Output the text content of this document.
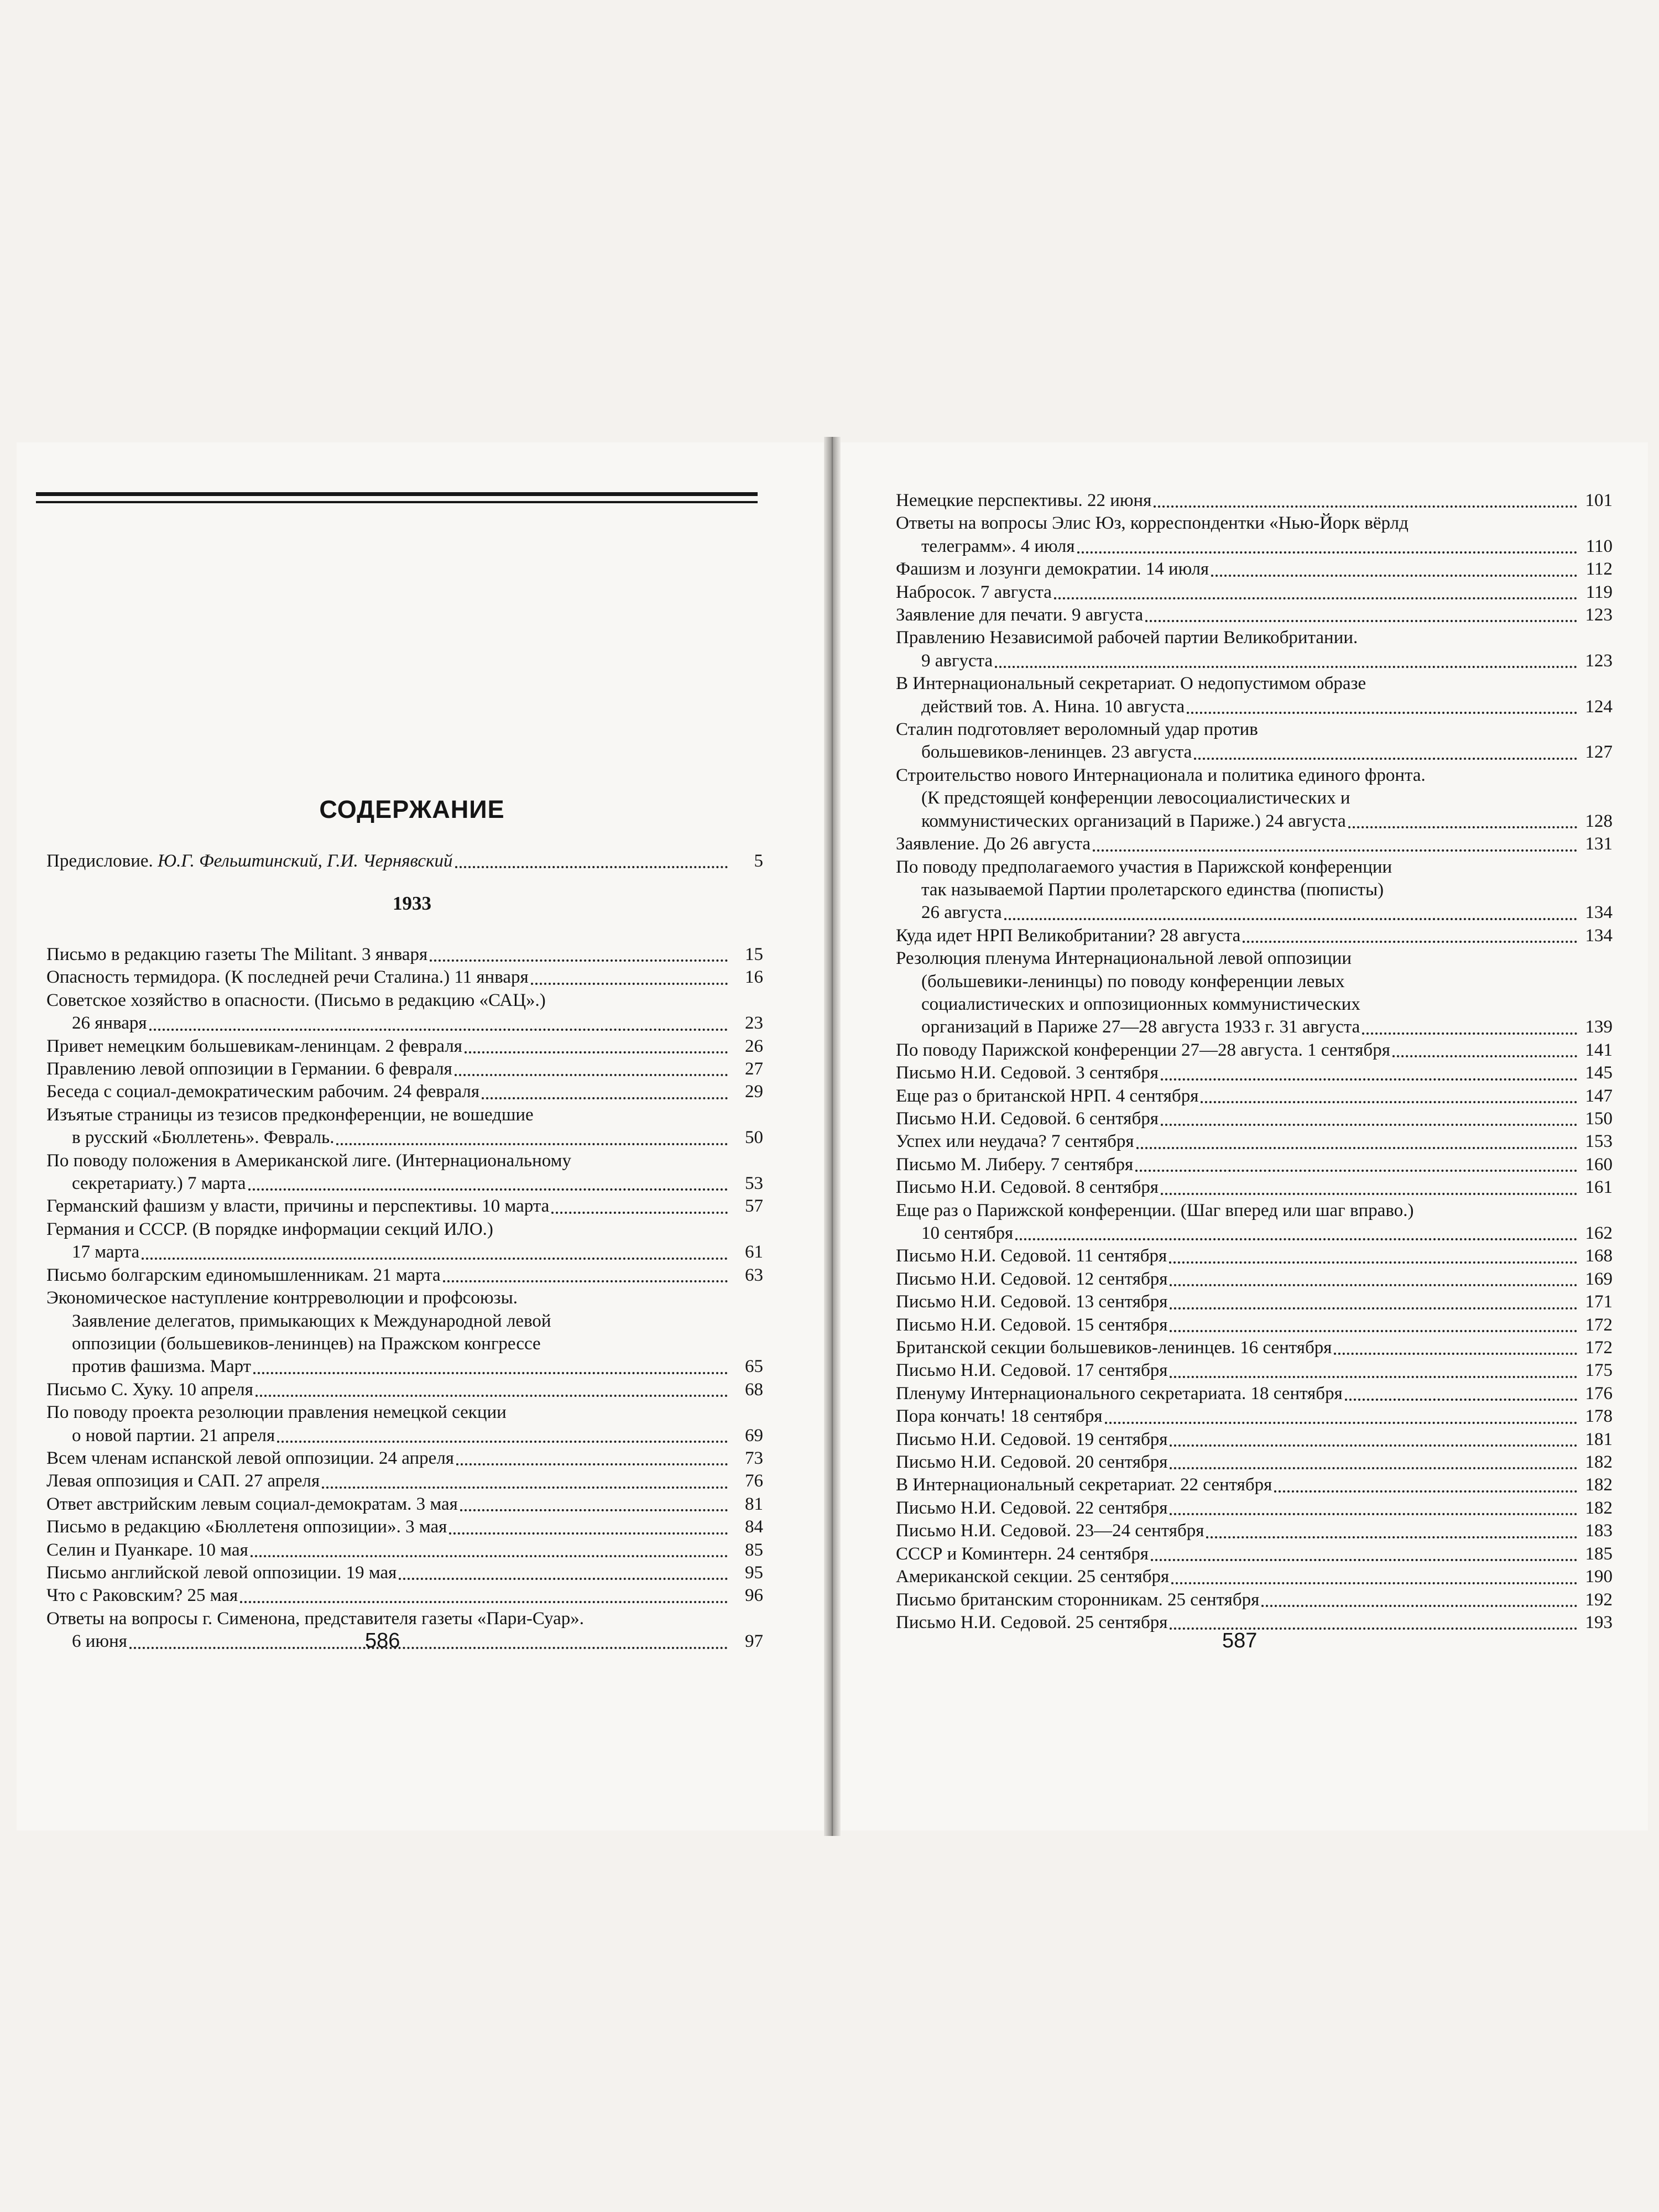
СОДЕРЖАНИЕ
Предисловие. Ю.Г. Фельштинский, Г.И. Чернявский	5
1933
Письмо в редакцию газеты The Militant. 3 января	15
Опасность термидора. (К последней речи Сталина.) 11 января	16
Советское хозяйство в опасности. (Письмо в редакцию «САЦ».)
26 января	23
Привет немецким большевикам-ленинцам. 2 февраля	26
Правлению левой оппозиции в Германии. 6 февраля	27
Беседа с социал-демократическим рабочим. 24 февраля	29
Изъятые страницы из тезисов предконференции, не вошедшие
в русский «Бюллетень». Февраль.	50
По поводу положения в Американской лиге. (Интернациональному
секретариату.) 7 марта	53
Германский фашизм у власти, причины и перспективы. 10 марта	57
Германия и СССР. (В порядке информации секций ИЛО.)
17 марта	61
Письмо болгарским единомышленникам. 21 марта	63
Экономическое наступление контрреволюции и профсоюзы.
Заявление делегатов, примыкающих к Международной левой
оппозиции (большевиков-ленинцев) на Пражском конгрессе
против фашизма. Март	65
Письмо С. Хуку. 10 апреля	68
По поводу проекта резолюции правления немецкой секции
о новой партии. 21 апреля	69
Всем членам испанской левой оппозиции. 24 апреля	73
Левая оппозиция и САП. 27 апреля	76
Ответ австрийским левым социал-демократам. 3 мая	81
Письмо в редакцию «Бюллетеня оппозиции». 3 мая	84
Селин и Пуанкаре. 10 мая	85
Письмо английской левой оппозиции. 19 мая	95
Что с Раковским? 25 мая	96
Ответы на вопросы г. Сименона, представителя газеты «Пари-Суар».
6 июня	97
Немецкие перспективы. 22 июня	101
Ответы на вопросы Элис Юз, корреспондентки «Нью-Йорк вёрлд
телеграмм». 4 июля	110
Фашизм и лозунги демократии. 14 июля	112
Набросок. 7 августа	119
Заявление для печати. 9 августа	123
Правлению Независимой рабочей партии Великобритании.
9 августа	123
В Интернациональный секретариат. О недопустимом образе
действий тов. А. Нина. 10 августа	124
Сталин подготовляет вероломный удар против
большевиков-ленинцев. 23 августа	127
Строительство нового Интернационала и политика единого фронта.
(К предстоящей конференции левосоциалистических и
коммунистических организаций в Париже.) 24 августа	128
Заявление. До 26 августа	131
По поводу предполагаемого участия в Парижской конференции
так называемой Партии пролетарского единства (пюписты)
26 августа	134
Куда идет НРП Великобритании? 28 августа	134
Резолюция пленума Интернациональной левой оппозиции
(большевики-ленинцы) по поводу конференции левых
социалистических и оппозиционных коммунистических
организаций в Париже 27—28 августа 1933 г. 31 августа	139
По поводу Парижской конференции 27—28 августа. 1 сентября	141
Письмо Н.И. Седовой. 3 сентября	145
Еще раз о британской НРП. 4 сентября	147
Письмо Н.И. Седовой. 6 сентября	150
Успех или неудача? 7 сентября	153
Письмо М. Либеру. 7 сентября	160
Письмо Н.И. Седовой. 8 сентября	161
Еще раз о Парижской конференции. (Шаг вперед или шаг вправо.)
10 сентября	162
Письмо Н.И. Седовой. 11 сентября	168
Письмо Н.И. Седовой. 12 сентября	169
Письмо Н.И. Седовой. 13 сентября	171
Письмо Н.И. Седовой. 15 сентября	172
Британской секции большевиков-ленинцев. 16 сентября	172
Письмо Н.И. Седовой. 17 сентября	175
Пленуму Интернационального секретариата. 18 сентября	176
Пора кончать! 18 сентября	178
Письмо Н.И. Седовой. 19 сентября	181
Письмо Н.И. Седовой. 20 сентября	182
В Интернациональный секретариат. 22 сентября	182
Письмо Н.И. Седовой. 22 сентября	182
Письмо Н.И. Седовой. 23—24 сентября	183
СССР и Коминтерн. 24 сентября	185
Американской секции. 25 сентября	190
Письмо британским сторонникам. 25 сентября	192
Письмо Н.И. Седовой. 25 сентября	193
586	587
